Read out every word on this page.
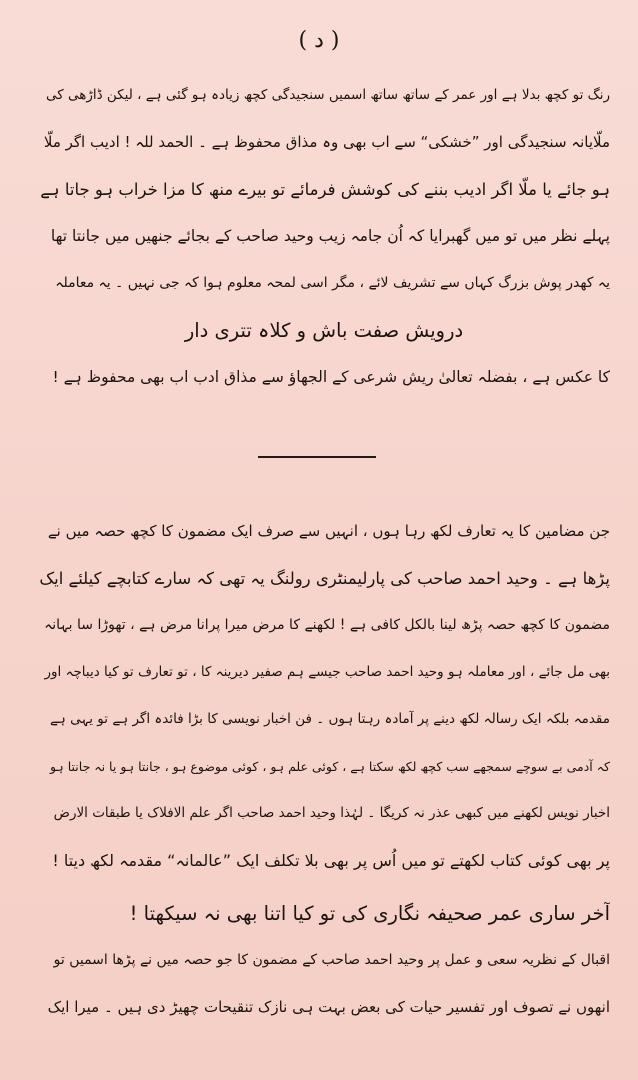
( د )
رنگ تو کچھ بدلا ہے اور عمر کے ساتھ ساتھ اسمیں سنجیدگی کچھ زیادہ ہو گئی ہے ، لیکن ڈاڑھی کی
ملّایانہ سنجیدگی اور ”خشکی“ سے اب بھی وہ مذاق محفوظ ہے ۔ الحمد للہ ! ادیب اگر ملّا
ہو جائے یا ملّا اگر ادیب بننے کی کوشش فرمائے تو بیرے منھ کا مزا خراب ہو جاتا ہے
پہلے نظر میں تو میں گھبرایا کہ اُن جامہ زیب وحید صاحب کے بجائے جنھیں میں جانتا تھا
یہ کھدر پوش بزرگ کہاں سے تشریف لائے ، مگر اسی لمحہ معلوم ہوا کہ جی نہیں ۔ یہ معاملہ
درویش صفت باش و کلاہ تتری دار
کا عکس ہے ، بفضلہ تعالیٰ ریش شرعی کے الجھاؤ سے مذاق ادب اب بھی محفوظ ہے !
جن مضامین کا یہ تعارف لکھ رہا ہوں ، انہیں سے صرف ایک مضمون کا کچھ حصہ میں نے
پڑھا ہے ۔ وحید احمد صاحب کی پارلیمنٹری رولنگ یہ تھی کہ سارے کتابچے کیلئے ایک
مضمون کا کچھ حصہ پڑھ لینا بالکل کافی ہے ! لکھنے کا مرض میرا پرانا مرض ہے ، تھوڑا سا بہانہ
بھی مل جائے ، اور معاملہ ہو وحید احمد صاحب جیسے ہم صفیر دیرینہ کا ، تو تعارف تو کیا دیباچہ اور
مقدمہ بلکہ ایک رسالہ لکھ دینے پر آمادہ رہتا ہوں ۔ فن اخبار نویسی کا بڑا فائدہ اگر ہے تو یہی ہے
کہ آدمی بے سوچے سمجھے سب کچھ لکھ سکتا ہے ، کوئی علم ہو ، کوئی موضوع ہو ، جانتا ہو یا نہ جانتا ہو
اخبار نویس لکھنے میں کبھی عذر نہ کریگا ۔ لہٰذا وحید احمد صاحب اگر علم الافلاک یا طبقات الارض
پر بھی کوئی کتاب لکھتے تو میں اُس پر بھی بلا تکلف ایک ”عالمانہ“ مقدمہ لکھ دیتا !
آخر ساری عمر صحیفہ نگاری کی تو کیا اتنا بھی نہ سیکھتا !
اقبال کے نظریہ سعی و عمل پر وحید احمد صاحب کے مضمون کا جو حصہ میں نے پڑھا اسمیں تو
انھوں نے تصوف اور تفسیر حیات کی بعض بہت ہی نازک تنقیحات چھیڑ دی ہیں ۔ میرا ایک
